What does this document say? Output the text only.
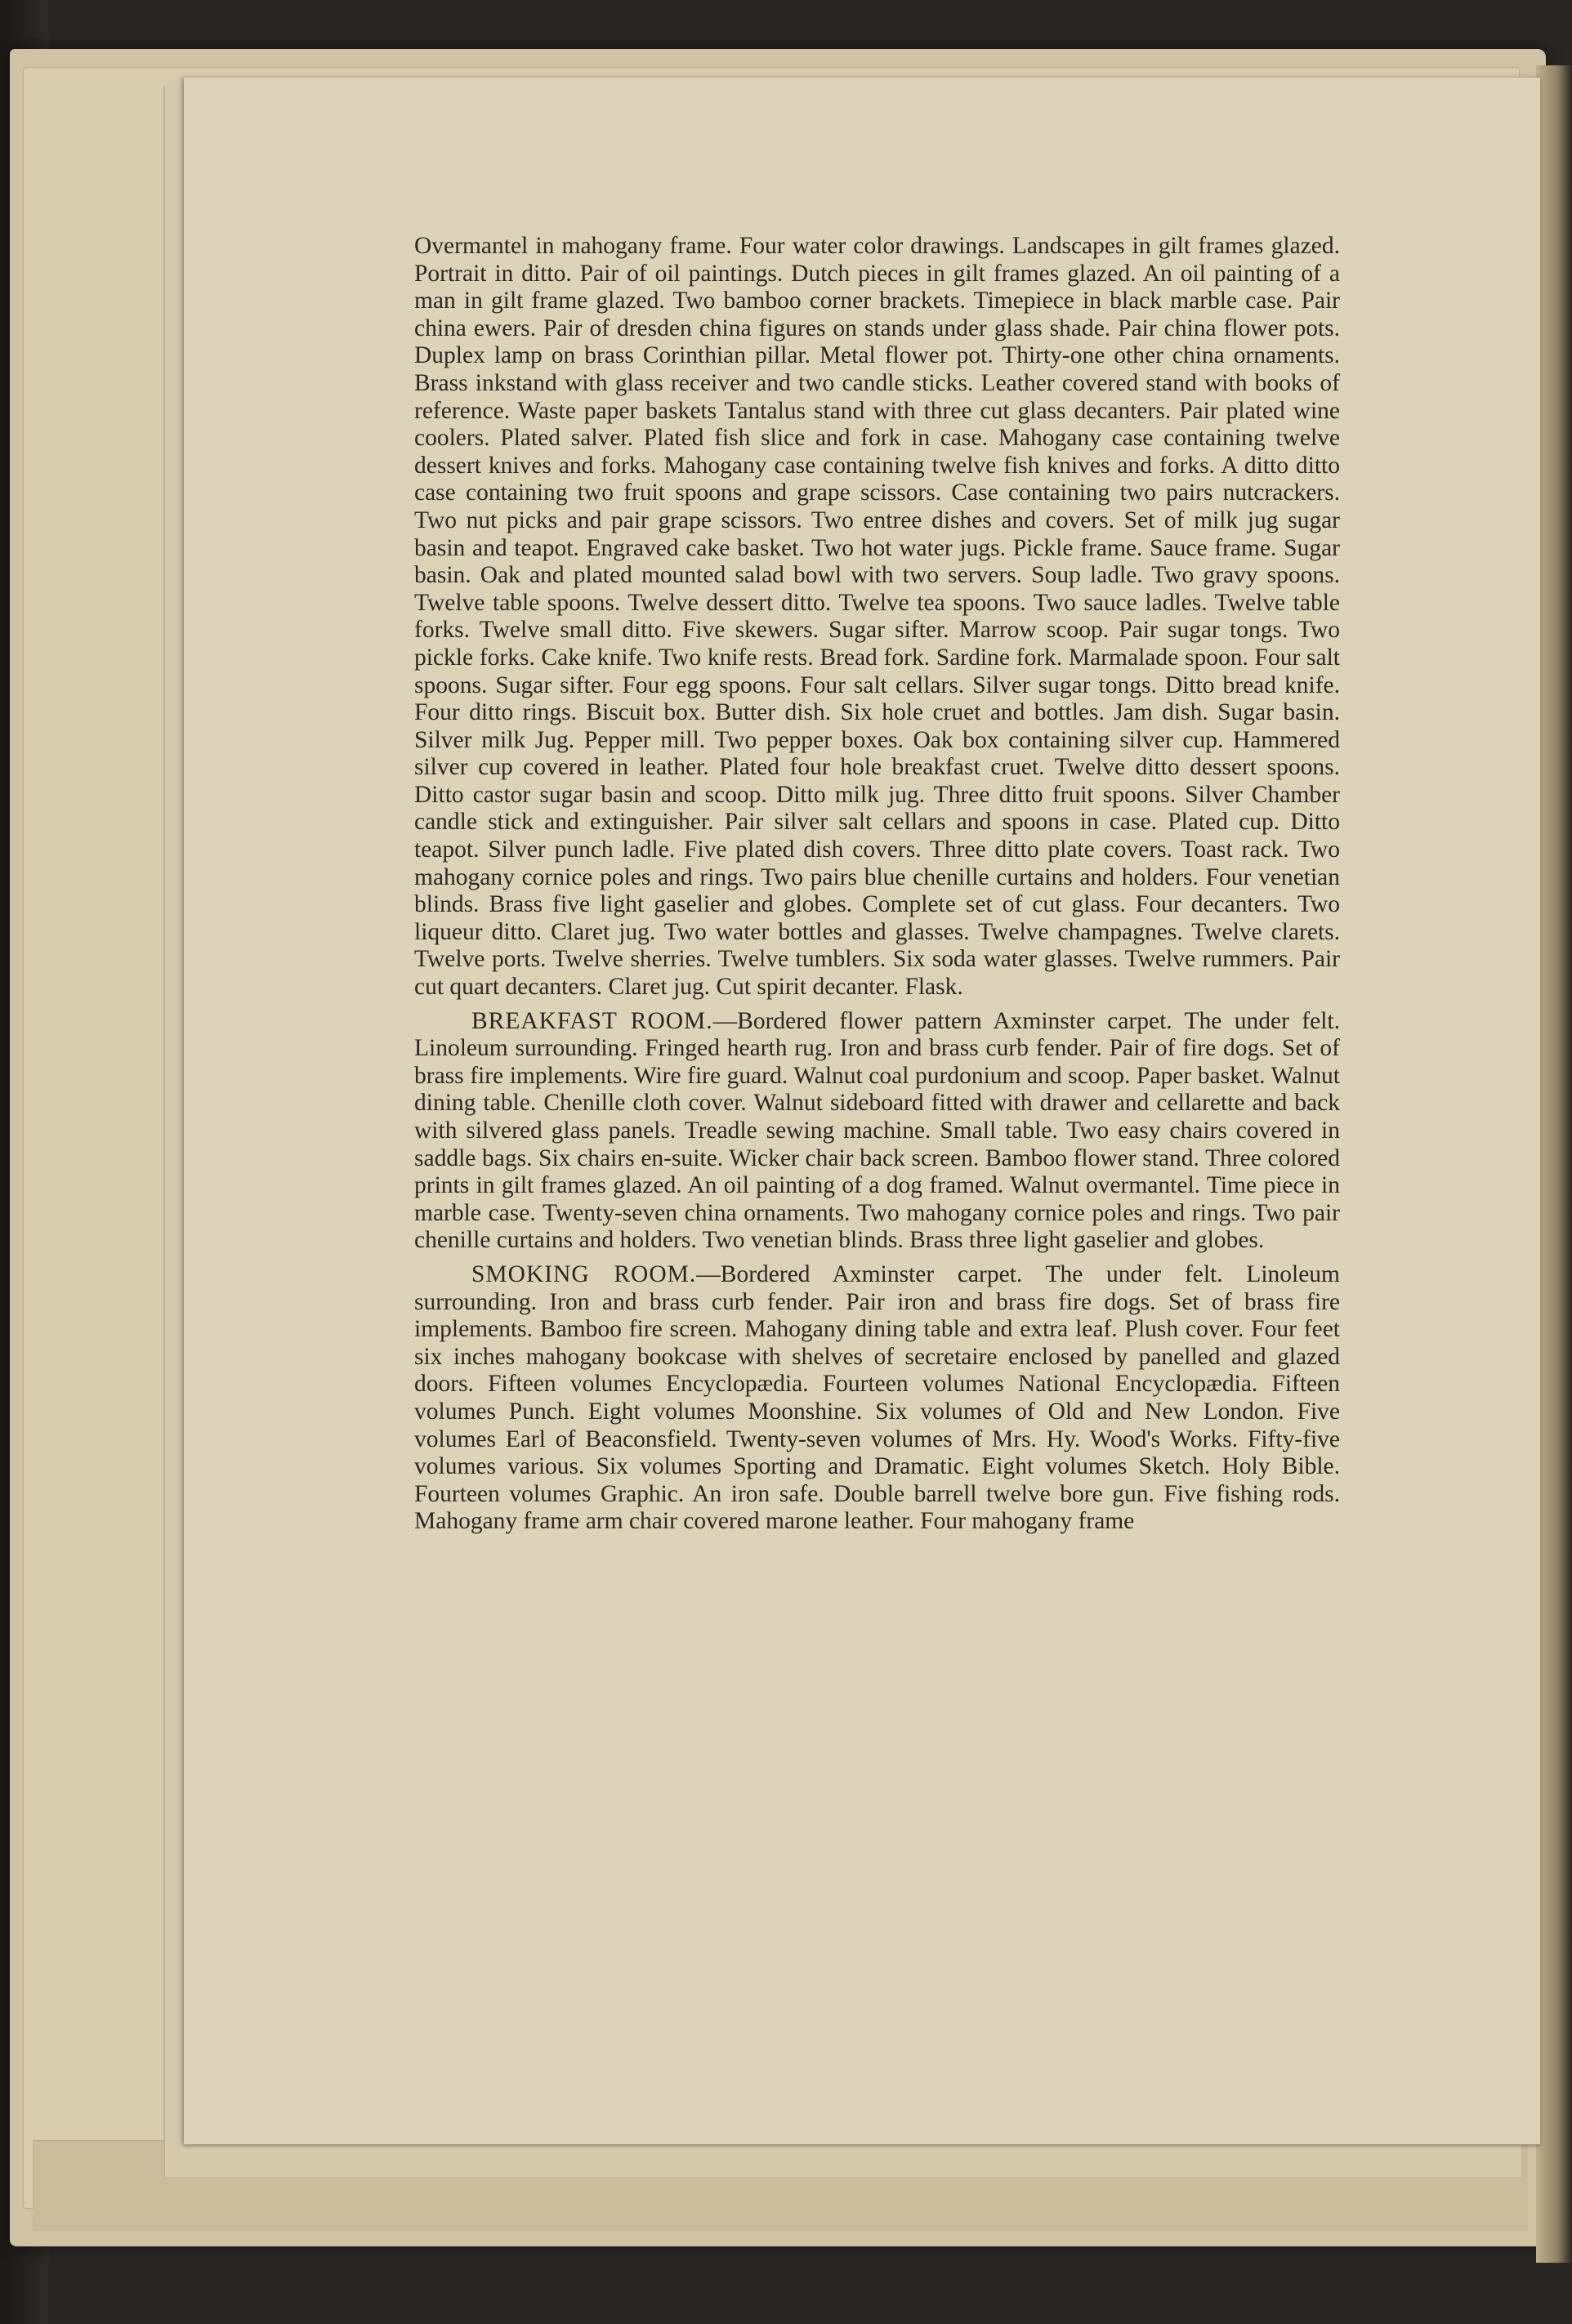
Overmantel in mahogany frame. Four water color drawings. Landscapes in gilt frames glazed. Portrait in ditto. Pair of oil paintings. Dutch pieces in gilt frames glazed. An oil painting of a man in gilt frame glazed. Two bamboo corner brackets. Timepiece in black marble case. Pair china ewers. Pair of dresden china figures on stands under glass shade. Pair china flower pots. Duplex lamp on brass Corinthian pillar. Metal flower pot. Thirty-one other china ornaments. Brass inkstand with glass receiver and two candle sticks. Leather covered stand with books of reference. Waste paper baskets Tantalus stand with three cut glass decanters. Pair plated wine coolers. Plated salver. Plated fish slice and fork in case. Mahogany case containing twelve dessert knives and forks. Mahogany case containing twelve fish knives and forks. A ditto ditto case containing two fruit spoons and grape scissors. Case containing two pairs nutcrackers. Two nut picks and pair grape scissors. Two entree dishes and covers. Set of milk jug sugar basin and teapot. Engraved cake basket. Two hot water jugs. Pickle frame. Sauce frame. Sugar basin. Oak and plated mounted salad bowl with two servers. Soup ladle. Two gravy spoons. Twelve table spoons. Twelve dessert ditto. Twelve tea spoons. Two sauce ladles. Twelve table forks. Twelve small ditto. Five skewers. Sugar sifter. Marrow scoop. Pair sugar tongs. Two pickle forks. Cake knife. Two knife rests. Bread fork. Sardine fork. Marmalade spoon. Four salt spoons. Sugar sifter. Four egg spoons. Four salt cellars. Silver sugar tongs. Ditto bread knife. Four ditto rings. Biscuit box. Butter dish. Six hole cruet and bottles. Jam dish. Sugar basin. Silver milk Jug. Pepper mill. Two pepper boxes. Oak box containing silver cup. Hammered silver cup covered in leather. Plated four hole breakfast cruet. Twelve ditto dessert spoons. Ditto castor sugar basin and scoop. Ditto milk jug. Three ditto fruit spoons. Silver Chamber candle stick and extinguisher. Pair silver salt cellars and spoons in case. Plated cup. Ditto teapot. Silver punch ladle. Five plated dish covers. Three ditto plate covers. Toast rack. Two mahogany cornice poles and rings. Two pairs blue chenille curtains and holders. Four venetian blinds. Brass five light gaselier and globes. Complete set of cut glass. Four decanters. Two liqueur ditto. Claret jug. Two water bottles and glasses. Twelve champagnes. Twelve clarets. Twelve ports. Twelve sherries. Twelve tumblers. Six soda water glasses. Twelve rummers. Pair cut quart decanters. Claret jug. Cut spirit decanter. Flask.

BREAKFAST ROOM.—Bordered flower pattern Axminster carpet. The under felt. Linoleum surrounding. Fringed hearth rug. Iron and brass curb fender. Pair of fire dogs. Set of brass fire implements. Wire fire guard. Walnut coal purdonium and scoop. Paper basket. Walnut dining table. Chenille cloth cover. Walnut sideboard fitted with drawer and cellarette and back with silvered glass panels. Treadle sewing machine. Small table. Two easy chairs covered in saddle bags. Six chairs en-suite. Wicker chair back screen. Bamboo flower stand. Three colored prints in gilt frames glazed. An oil painting of a dog framed. Walnut overmantel. Time piece in marble case. Twenty-seven china ornaments. Two mahogany cornice poles and rings. Two pair chenille curtains and holders. Two venetian blinds. Brass three light gaselier and globes.

SMOKING ROOM.—Bordered Axminster carpet. The under felt. Linoleum surrounding. Iron and brass curb fender. Pair iron and brass fire dogs. Set of brass fire implements. Bamboo fire screen. Mahogany dining table and extra leaf. Plush cover. Four feet six inches mahogany bookcase with shelves of secretaire enclosed by panelled and glazed doors. Fifteen volumes Encyclopædia. Fourteen volumes National Encyclopædia. Fifteen volumes Punch. Eight volumes Moonshine. Six volumes of Old and New London. Five volumes Earl of Beaconsfield. Twenty-seven volumes of Mrs. Hy. Wood's Works. Fifty-five volumes various. Six volumes Sporting and Dramatic. Eight volumes Sketch. Holy Bible. Fourteen volumes Graphic. An iron safe. Double barrell twelve bore gun. Five fishing rods. Mahogany frame arm chair covered marone leather. Four mahogany frame
